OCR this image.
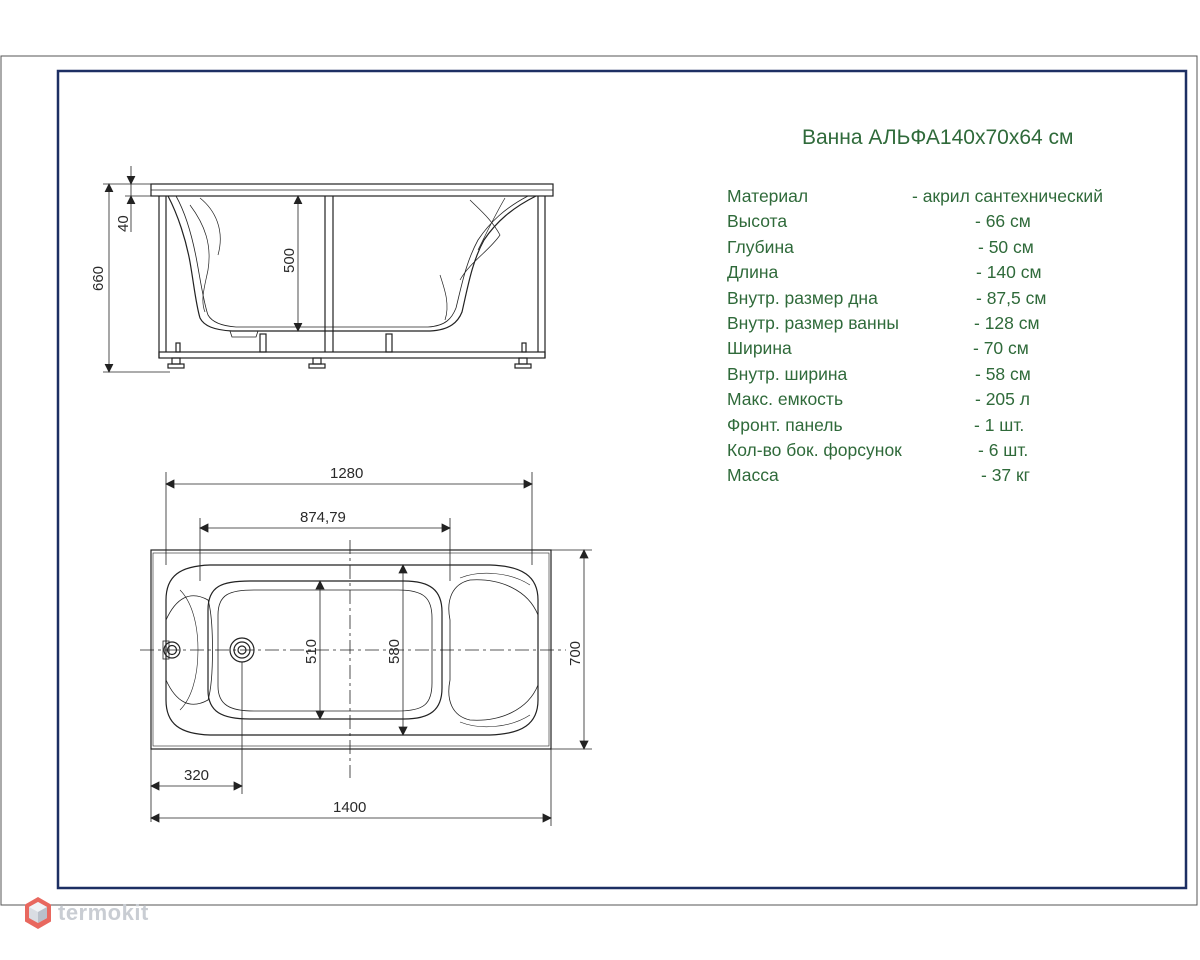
660
40
500
1280
874,79
510	580	700
320
1400
Ванна АЛЬФА140х70х64 см
Материал	- акрил сантехнический
Высота	- 66 см
Глубина	- 50 см
Длина	- 140 см
Внутр. размер дна	- 87,5 см
Внутр. размер ванны	- 128 см
Ширина	- 70 см
Внутр. ширина	- 58 см
Макс. емкость	- 205 л
Фронт. панель	- 1 шт.
Кол-во бок. форсунок	- 6 шт.
Масса	- 37 кг
termokit
